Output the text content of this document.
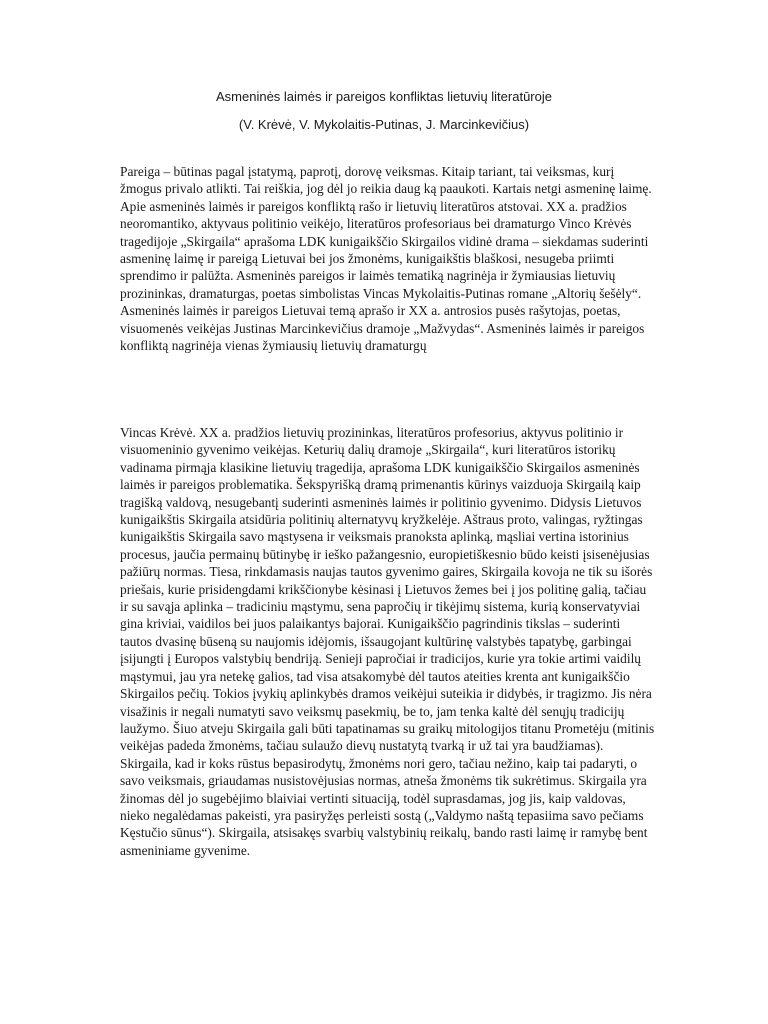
Asmeninės laimės ir pareigos konfliktas lietuvių literatūroje
(V. Krėvė, V. Mykolaitis-Putinas, J. Marcinkevičius)

Pareiga – būtinas pagal įstatymą, paprotį, dorovę veiksmas. Kitaip tariant, tai veiksmas, kurį žmogus privalo atlikti. Tai reiškia, jog dėl jo reikia daug ką paaukoti. Kartais netgi asmeninę laimę. Apie asmeninės laimės ir pareigos konfliktą rašo ir lietuvių literatūros atstovai. XX a. pradžios neoromantiko, aktyvaus politinio veikėjo, literatūros profesoriaus bei dramaturgo Vinco Krėvės tragedijoje „Skirgaila“ aprašoma LDK kunigaikščio Skirgailos vidinė drama – siekdamas suderinti asmeninę laimę ir pareigą Lietuvai bei jos žmonėms, kunigaikštis blaškosi, nesugeba priimti sprendimo ir palūžta. Asmeninės pareigos ir laimės tematiką nagrinėja ir žymiausias lietuvių prozininkas, dramaturgas, poetas simbolistas Vincas Mykolaitis-Putinas romane „Altorių šešėly“. Asmeninės laimės ir pareigos Lietuvai temą aprašo ir XX a. antrosios pusės rašytojas, poetas, visuomenės veikėjas Justinas Marcinkevičius dramoje „Mažvydas“. Asmeninės laimės ir pareigos konfliktą nagrinėja vienas žymiausių lietuvių dramaturgų

Vincas Krėvė. XX a. pradžios lietuvių prozininkas, literatūros profesorius, aktyvus politinio ir visuomeninio gyvenimo veikėjas. Keturių dalių dramoje „Skirgaila“, kuri literatūros istorikų vadinama pirmąja klasikine lietuvių tragedija, aprašoma LDK kunigaikščio Skirgailos asmeninės laimės ir pareigos problematika. Šekspyrišką dramą primenantis kūrinys vaizduoja Skirgailą kaip tragišką valdovą, nesugebantį suderinti asmeninės laimės ir politinio gyvenimo. Didysis Lietuvos kunigaikštis Skirgaila atsidūria politinių alternatyvų kryžkelėje. Aštraus proto, valingas, ryžtingas kunigaikštis Skirgaila savo mąstysena ir veiksmais pranoksta aplinką, mąsliai vertina istorinius procesus, jaučia permainų būtinybę ir ieško pažangesnio, europietiškesnio būdo keisti įsisenėjusias pažiūrų normas. Tiesa, rinkdamasis naujas tautos gyvenimo gaires, Skirgaila kovoja ne tik su išorės priešais, kurie prisidengdami krikščionybe kėsinasi į Lietuvos žemes bei į jos politinę galią, tačiau ir su savąja aplinka – tradiciniu mąstymu, sena papročių ir tikėjimų sistema, kurią konservatyviai gina kriviai, vaidilos bei juos palaikantys bajorai. Kunigaikščio pagrindinis tikslas – suderinti tautos dvasinę būseną su naujomis idėjomis, išsaugojant kultūrinę valstybės tapatybę, garbingai įsijungti į Europos valstybių bendriją. Senieji papročiai ir tradicijos, kurie yra tokie artimi vaidilų mąstymui, jau yra netekę galios, tad visa atsakomybė dėl tautos ateities krenta ant kunigaikščio Skirgailos pečių. Tokios įvykių aplinkybės dramos veikėjui suteikia ir didybės, ir tragizmo. Jis nėra visažinis ir negali numatyti savo veiksmų pasekmių, be to, jam tenka kaltė dėl senųjų tradicijų laužymo. Šiuo atveju Skirgaila gali būti tapatinamas su graikų mitologijos titanu Prometėju (mitinis veikėjas padeda žmonėms, tačiau sulaužo dievų nustatytą tvarką ir už tai yra baudžiamas). Skirgaila, kad ir koks rūstus bepasirodytų, žmonėms nori gero, tačiau nežino, kaip tai padaryti, o savo veiksmais, griaudamas nusistovėjusias normas, atneša žmonėms tik sukrėtimus. Skirgaila yra žinomas dėl jo sugebėjimo blaiviai vertinti situaciją, todėl suprasdamas, jog jis, kaip valdovas, nieko negalėdamas pakeisti, yra pasiryžęs perleisti sostą („Valdymo naštą tepasiima savo pečiams Kęstučio sūnus“). Skirgaila, atsisakęs svarbių valstybinių reikalų, bando rasti laimę ir ramybę bent asmeniniame gyvenime.
